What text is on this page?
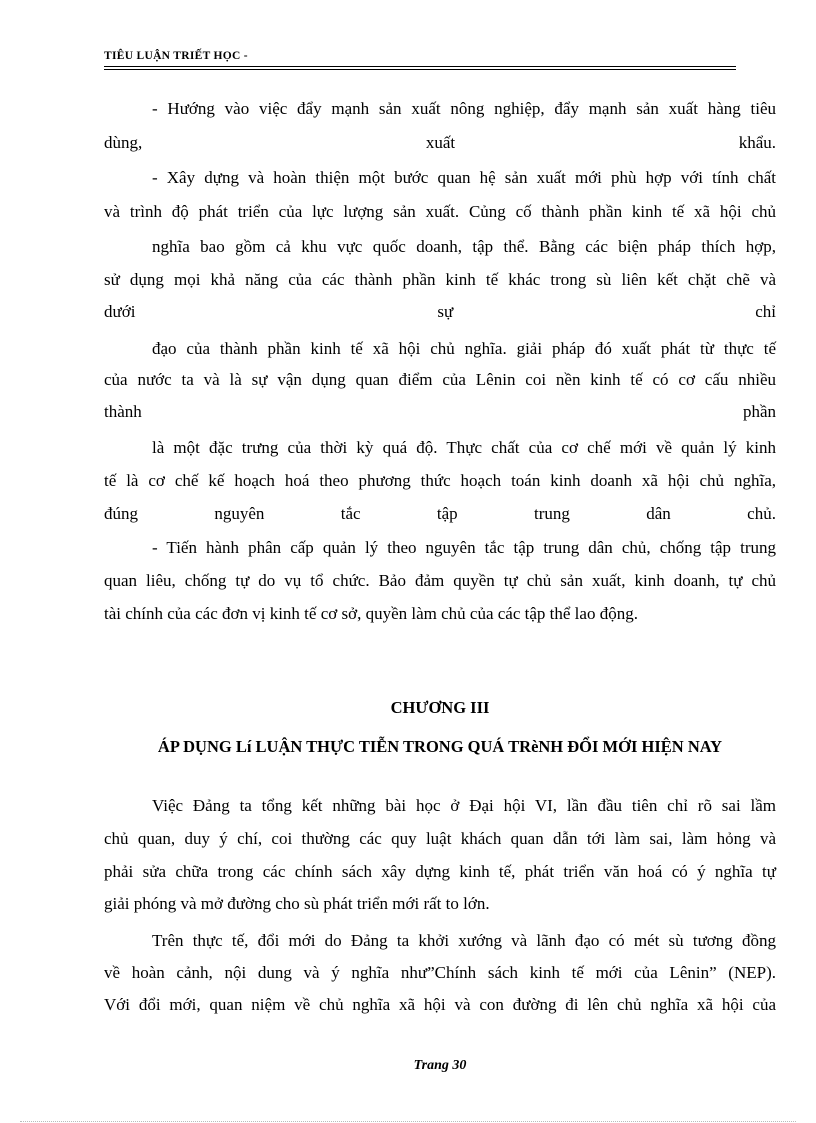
TIÊU LUẬN TRIẾT HỌC -
- Hướng vào việc đẩy mạnh sản xuất nông nghiệp, đẩy mạnh sản xuất hàng tiêu
dùng,	xuất	khẩu.
- Xây dựng và hoàn thiện một bước quan hệ sản xuất mới phù hợp với tính chất
và trình độ phát triển của lực lượng sản xuất. Củng cố thành phần kinh tế xã hội chủ
nghĩa bao gồm cả khu vực quốc doanh, tập thể. Bằng các biện pháp thích hợp,
sử dụng mọi khả năng của các thành phần kinh tế khác trong sù liên kết chặt chẽ và
dưới	sự	chỉ
đạo của thành phần kinh tế xã hội chủ nghĩa. giải pháp đó xuất phát từ thực tế
của nước ta và là sự vận dụng quan điểm của Lênin coi nền kinh tế có cơ cấu nhiều
thành	phần
là một đặc trưng của thời kỳ quá độ. Thực chất của cơ chế mới về quản lý kinh
tế là cơ chế kế hoạch hoá theo phương thức hoạch toán kinh doanh xã hội chủ nghĩa,
đúng	nguyên	tắc	tập	trung	dân	chủ.
- Tiến hành phân cấp quản lý theo nguyên tắc tập trung dân chủ, chống tập trung
quan liêu, chống tự do vụ tổ chức. Bảo đảm quyền tự chủ sản xuất, kinh doanh, tự chủ
tài chính của các đơn vị kinh tế cơ sở, quyền làm chủ của các tập thể lao động.
CHƯƠNG III
ÁP DỤNG Lí LUẬN THỰC TIỄN TRONG QUÁ TRèNH ĐỔI MỚI HIỆN NAY
Việc Đảng ta tổng kết những bài học ở Đại hội VI, lần đầu tiên chỉ rõ sai lầm
chủ quan, duy ý chí, coi thường các quy luật khách quan dẫn tới làm sai, làm hỏng và
phải sửa chữa trong các chính sách xây dựng kinh tế, phát triển văn hoá có ý nghĩa tự
giải phóng và mở đường cho sù phát triển mới rất to lớn.
Trên thực tế, đổi mới do Đảng ta khởi xướng và lãnh đạo có mét sù tương đồng
về hoàn cảnh, nội dung và ý nghĩa như”Chính sách kinh tế mới của Lênin” (NEP).
Với đổi mới, quan niệm về chủ nghĩa xã hội và con đường đi lên chủ nghĩa xã hội của
Trang 30
